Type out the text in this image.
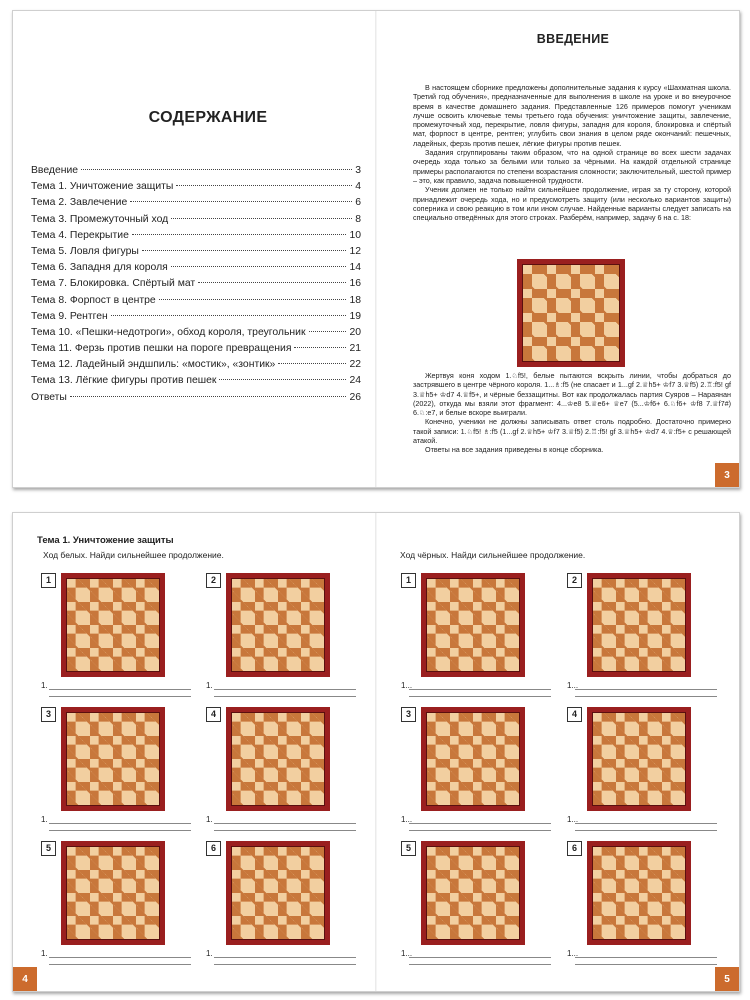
СОДЕРЖАНИЕ
Введение	3
Тема 1. Уничтожение защиты	4
Тема 2. Завлечение	6
Тема 3. Промежуточный ход	8
Тема 4. Перекрытие	10
Тема 5. Ловля фигуры	12
Тема 6. Западня для короля	14
Тема 7. Блокировка. Спёртый мат	16
Тема 8. Форпост в центре	18
Тема 9. Рентген	19
Тема 10. «Пешки-недотроги», обход короля, треугольник	20
Тема 11. Ферзь против пешки на пороге превращения	21
Тема 12. Ладейный эндшпиль: «мостик», «зонтик»	22
Тема 13. Лёгкие фигуры против пешек	24
Ответы	26
ВВЕДЕНИЕ

В настоящем сборнике предложены дополнительные задания к курсу «Шахматная школа. Третий год обучения», предназначенные для выполнения в школе на уроке и во внеурочное время в качестве домашнего задания. Представленные 126 примеров помогут ученикам лучше освоить ключевые темы третьего года обучения: уничтожение защиты, завлечение, промежуточный ход, перекрытие, ловля фигуры, западня для короля, блокировка и спёртый мат, форпост в центре, рентген; углубить свои знания в целом ряде окончаний: пешечных, ладейных, ферзь против пешек, лёгкие фигуры против пешек.

Задания сгруппированы таким образом, что на одной странице во всех шести задачах очередь хода только за белыми или только за чёрными. На каждой отдельной странице примеры располагаются по степени возрастания сложности; заключительный, шестой пример – это, как правило, задача повышенной трудности.

Ученик должен не только найти сильнейшее продолжение, играя за ту сторону, которой принадлежит очередь хода, но и предусмотреть защиту (или несколько вариантов защиты) соперника и свою реакцию в том или ином случае. Найденные варианты следует записать на специально отведённых для этого строках. Разберём, например, задачу 6 на с. 18:

Жертвуя коня ходом 1.♘f5!, белые пытаются вскрыть линии, чтобы добраться до застрявшего в центре чёрного короля. 1...♗:f5 (не спасает и 1...gf 2.♕h5+ ♔f7 3.♕f5) 2.♖:f5! gf 3.♕h5+ ♔d7 4.♕f5+, и чёрные беззащитны. Вот как продолжалась партия Суяров – Нараянан (2022), откуда мы взяли этот фрагмент: 4...♔e8 5.♕e6+ ♕e7 (5...♔f6+ 6.♘f6+ ♔f8 7.♕f7#) 6.♘:e7, и белые вскоре выиграли.

Конечно, ученики не должны записывать ответ столь подробно. Достаточно примерно такой записи: 1.♘f5! ♗:f5 (1...gf 2.♕h5+ ♔f7 3.♕f5) 2.♖:f5! gf 3.♕h5+ ♔d7 4.♕:f5+ с решающей атакой.

Ответы на все задания приведены в конце сборника.

3
Тема 1. Уничтожение защиты
Ход белых. Найди сильнейшее продолжение.	Ход чёрных. Найди сильнейшее продолжение.
1
1.
2
1.
3
1.
4
1.
5
1.
6
1.
1
1...
2
1...
3
1...
4
1...
5
1...
6
1...
4	5
